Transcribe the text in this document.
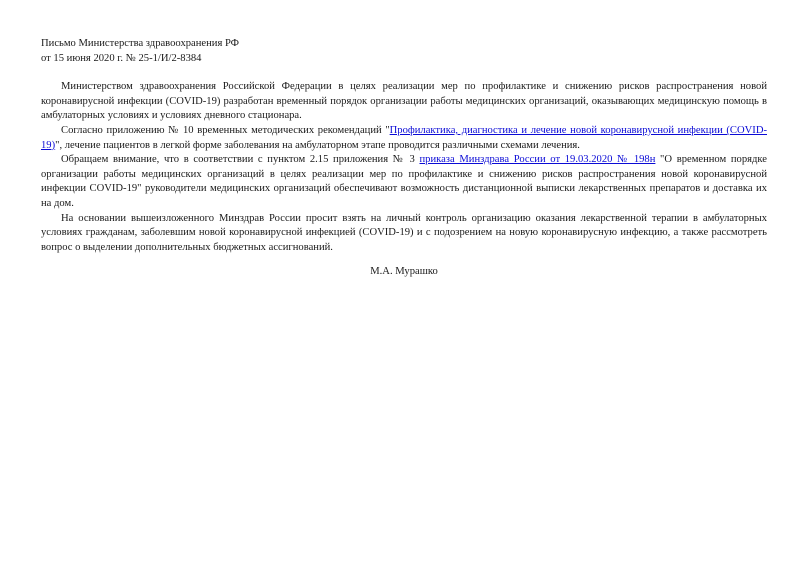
Письмо Министерства здравоохранения РФ
от 15 июня 2020 г. № 25-1/И/2-8384

Министерством здравоохранения Российской Федерации в целях реализации мер по профилактике и снижению рисков распространения новой коронавирусной инфекции (COVID-19) разработан временный порядок организации работы медицинских организаций, оказывающих медицинскую помощь в амбулаторных условиях и условиях дневного стационара.

Согласно приложению № 10 временных методических рекомендаций "Профилактика, диагностика и лечение новой коронавирусной инфекции (COVID-19)", лечение пациентов в легкой форме заболевания на амбулаторном этапе проводится различными схемами лечения.

Обращаем внимание, что в соответствии с пунктом 2.15 приложения № 3 приказа Минздрава России от 19.03.2020 № 198н "О временном порядке организации работы медицинских организаций в целях реализации мер по профилактике и снижению рисков распространения новой коронавирусной инфекции COVID-19" руководители медицинских организаций обеспечивают возможность дистанционной выписки лекарственных препаратов и доставка их на дом.

На основании вышеизложенного Минздрав России просит взять на личный контроль организацию оказания лекарственной терапии в амбулаторных условиях гражданам, заболевшим новой коронавирусной инфекцией (COVID-19) и с подозрением на новую коронавирусную инфекцию, а также рассмотреть вопрос о выделении дополнительных бюджетных ассигнований.

М.А. Мурашко
